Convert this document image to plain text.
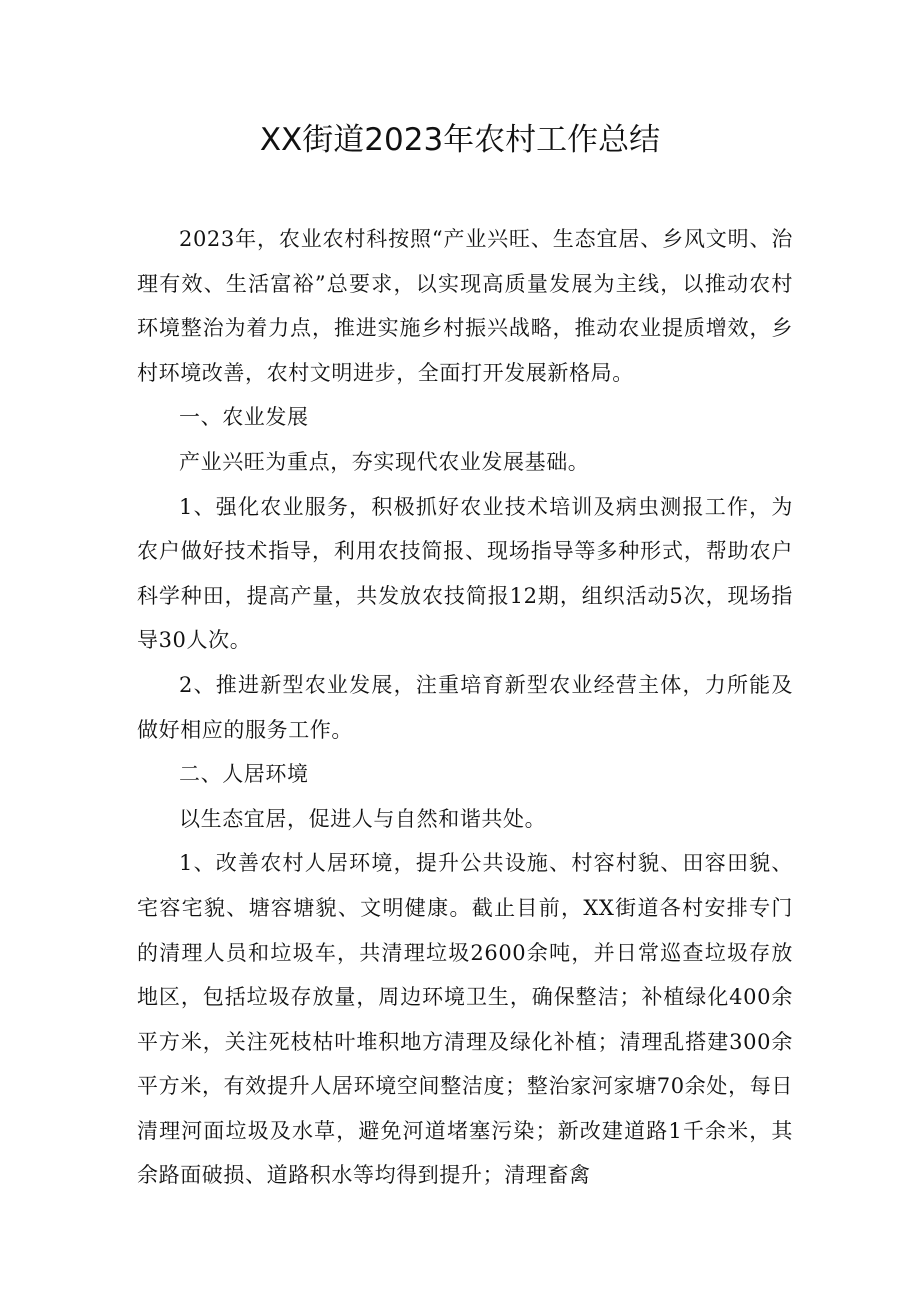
XX街道2023年农村工作总结

2023年，农业农村科按照“产业兴旺、生态宜居、乡风文明、治理有效、生活富裕”总要求，以实现高质量发展为主线，以推动农村环境整治为着力点，推进实施乡村振兴战略，推动农业提质增效，乡村环境改善，农村文明进步，全面打开发展新格局。

一、农业发展

产业兴旺为重点，夯实现代农业发展基础。

1、强化农业服务，积极抓好农业技术培训及病虫测报工作，为农户做好技术指导，利用农技简报、现场指导等多种形式，帮助农户科学种田，提高产量，共发放农技简报12期，组织活动5次，现场指导30人次。

2、推进新型农业发展，注重培育新型农业经营主体，力所能及做好相应的服务工作。

二、人居环境

以生态宜居，促进人与自然和谐共处。

1、改善农村人居环境，提升公共设施、村容村貌、田容田貌、宅容宅貌、塘容塘貌、文明健康。截止目前，XX街道各村安排专门的清理人员和垃圾车，共清理垃圾2600余吨，并日常巡查垃圾存放地区，包括垃圾存放量，周边环境卫生，确保整洁；补植绿化400余平方米，关注死枝枯叶堆积地方清理及绿化补植；清理乱搭建300余平方米，有效提升人居环境空间整洁度；整治家河家塘70余处，每日清理河面垃圾及水草，避免河道堵塞污染；新改建道路1千余米，其余路面破损、道路积水等均得到提升；清理畜禽
